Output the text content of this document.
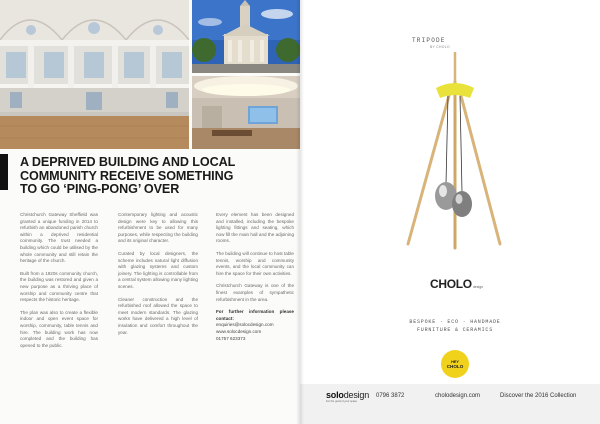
A DEPRIVED BUILDING AND LOCAL
COMMUNITY RECEIVE SOMETHING
TO GO ‘PING-PONG’ OVER

Christchurch Gateway Sheffield was granted a unique funding in 2014 to refurbish an abandoned parish church within a deprived residential community. The trust needed a building which could be utilised by the whole community and still retain the heritage of the church.

Built from a 1920s community church, the building was restored and given a new purpose as a thriving place of worship and community centre that respects the historic heritage.

The plan was also to create a flexible indoor and open event space for worship, community, table tennis and hire. The building work has now completed and the building has opened to the public.

Contemporary lighting and acoustic design were key to allowing this refurbishment to be used for many purposes, while respecting the building and its original character.

Curated by local designers, the scheme includes natural light diffusion with glazing systems and custom joinery. The lighting is controllable from a central system allowing many lighting scenes.

Cleaner construction and the refurbished roof allowed the space to meet modern standards. The glazing works have delivered a high level of insulation and comfort throughout the year.

Every element has been designed and installed, including the bespoke lighting fittings and seating, which now fill the main hall and the adjoining rooms.

The building will continue to host table tennis, worship and community events, and the local community can hire the space for their own activities.

Christchurch Gateway is one of the finest examples of sympathetic refurbishment in the area.

For further information please contact:
enquiries@solocdesign.com
www.solocdesign.com
01757 623373
TRIPODE
BY CHOLO
CHOLOdesign
BESPOKE · ECO · HANDMADE
FURNITURE & CERAMICS
HEY
CHOLO
solodesign
For the good of your space
0796 3872	cholodesign.com	Discover the 2016 Collection
